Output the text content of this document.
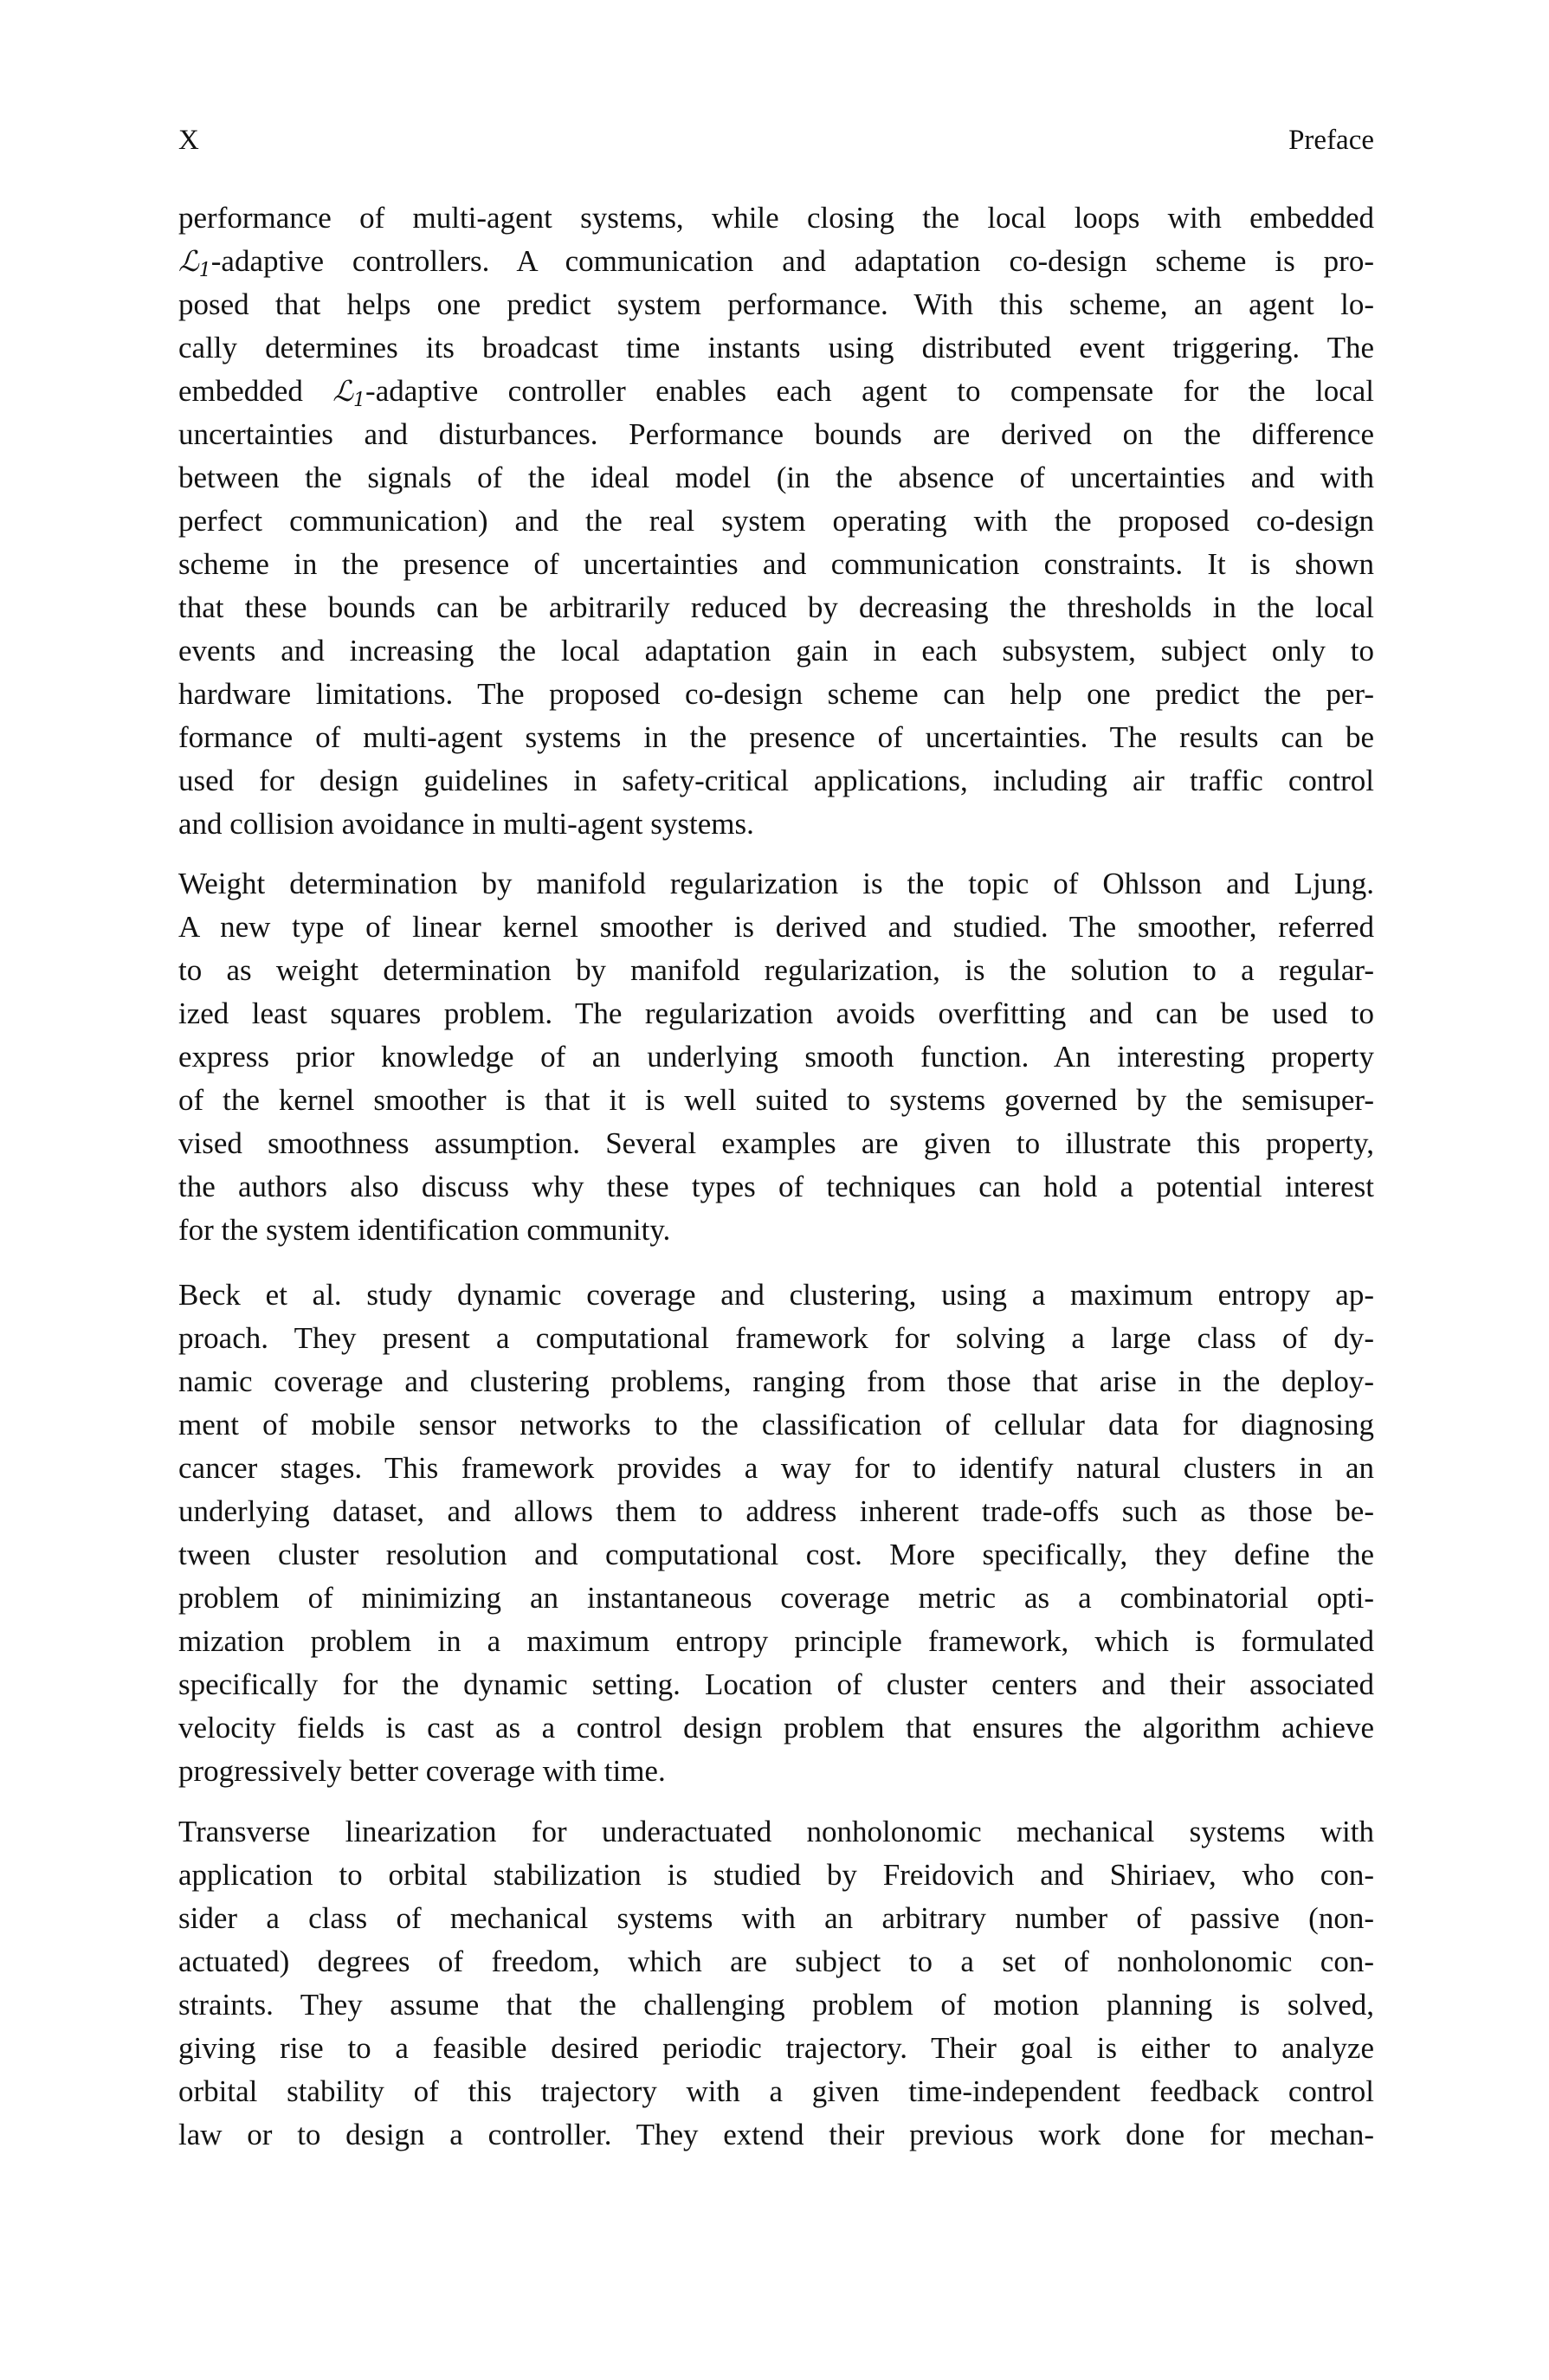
X	Preface
performance of multi-agent systems, while closing the local loops with embedded
ℒ1-adaptive controllers. A communication and adaptation co-design scheme is pro-
posed that helps one predict system performance. With this scheme, an agent lo-
cally determines its broadcast time instants using distributed event triggering. The
embedded ℒ1-adaptive controller enables each agent to compensate for the local
uncertainties and disturbances. Performance bounds are derived on the difference
between the signals of the ideal model (in the absence of uncertainties and with
perfect communication) and the real system operating with the proposed co-design
scheme in the presence of uncertainties and communication constraints. It is shown
that these bounds can be arbitrarily reduced by decreasing the thresholds in the local
events and increasing the local adaptation gain in each subsystem, subject only to
hardware limitations. The proposed co-design scheme can help one predict the per-
formance of multi-agent systems in the presence of uncertainties. The results can be
used for design guidelines in safety-critical applications, including air traffic control
and collision avoidance in multi-agent systems.
Weight determination by manifold regularization is the topic of Ohlsson and Ljung.
A new type of linear kernel smoother is derived and studied. The smoother, referred
to as weight determination by manifold regularization, is the solution to a regular-
ized least squares problem. The regularization avoids overfitting and can be used to
express prior knowledge of an underlying smooth function. An interesting property
of the kernel smoother is that it is well suited to systems governed by the semisuper-
vised smoothness assumption. Several examples are given to illustrate this property,
the authors also discuss why these types of techniques can hold a potential interest
for the system identification community.
Beck et al. study dynamic coverage and clustering, using a maximum entropy ap-
proach. They present a computational framework for solving a large class of dy-
namic coverage and clustering problems, ranging from those that arise in the deploy-
ment of mobile sensor networks to the classification of cellular data for diagnosing
cancer stages. This framework provides a way for to identify natural clusters in an
underlying dataset, and allows them to address inherent trade-offs such as those be-
tween cluster resolution and computational cost. More specifically, they define the
problem of minimizing an instantaneous coverage metric as a combinatorial opti-
mization problem in a maximum entropy principle framework, which is formulated
specifically for the dynamic setting. Location of cluster centers and their associated
velocity fields is cast as a control design problem that ensures the algorithm achieve
progressively better coverage with time.
Transverse linearization for underactuated nonholonomic mechanical systems with
application to orbital stabilization is studied by Freidovich and Shiriaev, who con-
sider a class of mechanical systems with an arbitrary number of passive (non-
actuated) degrees of freedom, which are subject to a set of nonholonomic con-
straints. They assume that the challenging problem of motion planning is solved,
giving rise to a feasible desired periodic trajectory. Their goal is either to analyze
orbital stability of this trajectory with a given time-independent feedback control
law or to design a controller. They extend their previous work done for mechan-
